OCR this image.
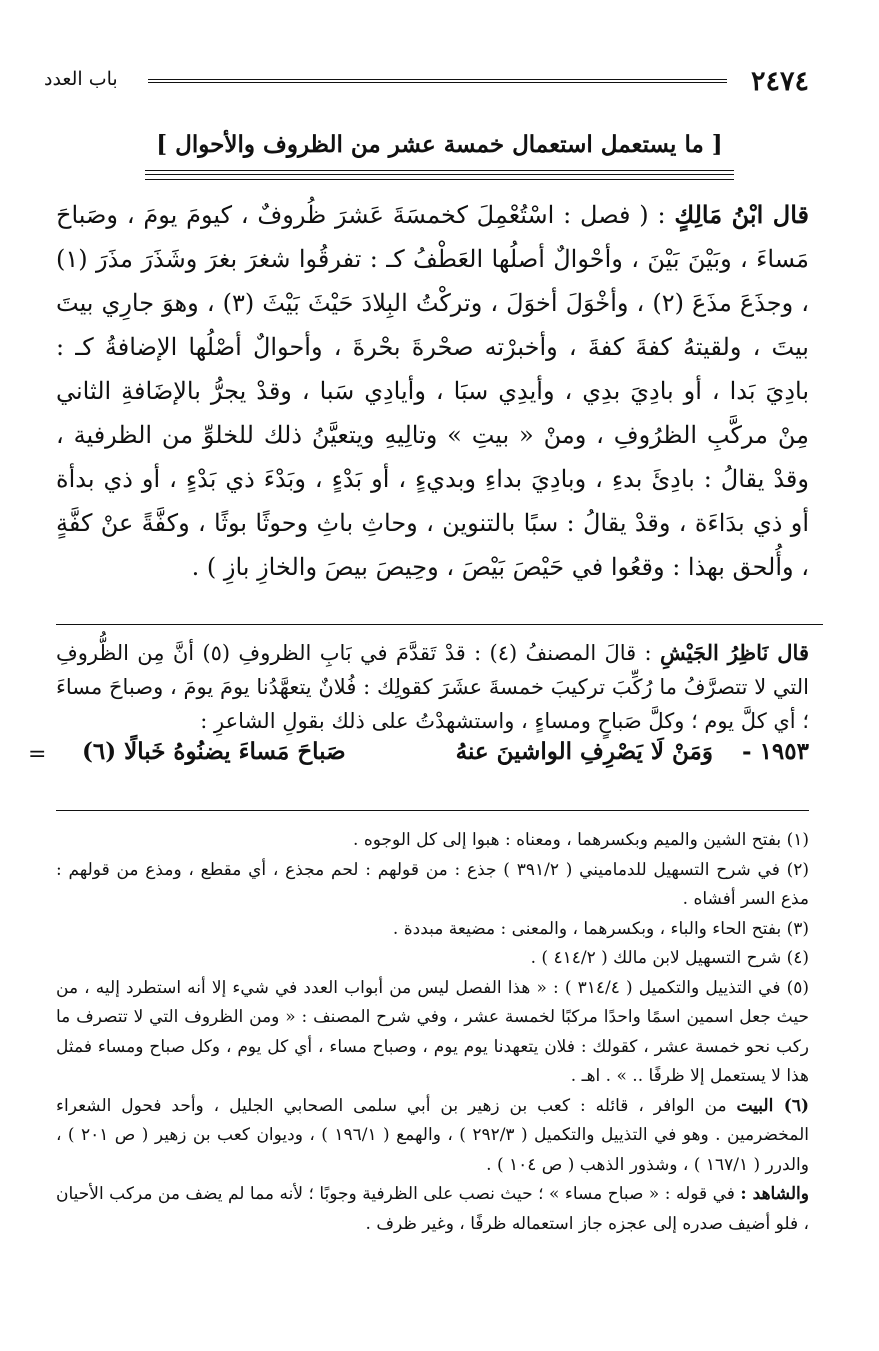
٢٤٧٤
باب العدد
[ ما يستعمل استعمال خمسة عشر من الظروف والأحوال ]

قال ابْنُ مَالِكٍ : ( فصل : اسْتُعْمِلَ كخمسَةَ عَشرَ ظُروفٌ ، كيومَ يومَ ، وصَباحَ مَساءَ ، وبَيْنَ بَيْنَ ، وأحْوالٌ أصلُها العَطْفُ كـ : تفرقُوا شغرَ بغرَ وشَذَرَ مذَرَ (١) ، وجذَعَ مذَعَ (٢) ، وأخْوَلَ أخوَلَ ، وتركْتُ البِلادَ حَيْثَ بَيْثَ (٣) ، وهوَ جارِي بيتَ بيتَ ، ولقيتهُ كفةَ كفةَ ، وأخبرْته صحْرةَ بحْرةَ ، وأحوالٌ أصْلُها الإضافةُ كـ : بادِيَ بَدا ، أو بادِيَ بدِي ، وأيدِي سبَا ، وأيادِي سَبا ، وقدْ يجرُّ بالإضَافةِ الثاني مِنْ مركَّبِ الظرُوفِ ، ومنْ « بيتِ » وتالِيهِ ويتعيَّنُ ذلك للخلوِّ من الظرفية ، وقدْ يقالُ : بادِئَ بدءِ ، وبادِيَ بداءِ وبديءٍ ، أو بَدْءٍ ، وبَدْءَ ذي بَدْءٍ ، أو ذي بدأة أو ذي بدَاءَة ، وقدْ يقالُ : سبًا بالتنوين ، وحاثِ باثِ وحوثًا بوثًا ، وكفَّةً عنْ كفَّةٍ ، وأُلحق بهذا : وقعُوا في حَيْصَ بَيْصَ ، وحِيصَ بيصَ والخازِ بازِ ) .

قال نَاظِرُ الجَيْشِ : قالَ المصنفُ (٤) : قدْ تَقدَّمَ في بَابِ الظروفِ (٥) أنَّ مِن الظُّروفِ التي لا تتصرَّفُ ما رُكِّبَ تركيبَ خمسةَ عشَرَ كقولِك : فُلانٌ يتعهَّدُنا يومَ يومَ ، وصباحَ مساءَ ؛ أي كلَّ يوم ؛ وكلَّ صَباحٍ ومساءٍ ، واستشهدْتُ على ذلك بقولِ الشاعرِ :

١٩٥٣ -
وَمَنْ لَا يَصْرِفِ الواشينَ عنهُ
صَباحَ مَساءَ يضنُوهُ خَبالًا (٦)
=

(١) بفتح الشين والميم وبكسرهما ، ومعناه : هبوا إلى كل الوجوه .

(٢) في شرح التسهيل للدماميني ( ٣٩١/٢ ) جذع : من قولهم : لحم مجذع ، أي مقطع ، ومذع من قولهم : مذع السر أفشاه .

(٣) بفتح الحاء والباء ، وبكسرهما ، والمعنى : مضيعة مبددة .

(٤) شرح التسهيل لابن مالك ( ٤١٤/٢ ) .

(٥) في التذييل والتكميل ( ٣١٤/٤ ) : « هذا الفصل ليس من أبواب العدد في شيء إلا أنه استطرد إليه ، من حيث جعل اسمين اسمًا واحدًا مركبًا لخمسة عشر ، وفي شرح المصنف : « ومن الظروف التي لا تتصرف ما ركب نحو خمسة عشر ، كقولك : فلان يتعهدنا يوم يوم ، وصباح مساء ، أي كل يوم ، وكل صباح ومساء فمثل هذا لا يستعمل إلا ظرفًا .. » . اهـ .

(٦) البيت من الوافر ، قائله : كعب بن زهير بن أبي سلمى الصحابي الجليل ، وأحد فحول الشعراء المخضرمين . وهو في التذييل والتكميل ( ٢٩٢/٣ ) ، والهمع ( ١٩٦/١ ) ، وديوان كعب بن زهير ( ص ٢٠١ ) ، والدرر ( ١٦٧/١ ) ، وشذور الذهب ( ص ١٠٤ ) .

والشاهد : في قوله : « صباح مساء » ؛ حيث نصب على الظرفية وجوبًا ؛ لأنه مما لم يضف من مركب الأحيان ، فلو أضيف صدره إلى عجزه جاز استعماله ظرفًا ، وغير ظرف .
